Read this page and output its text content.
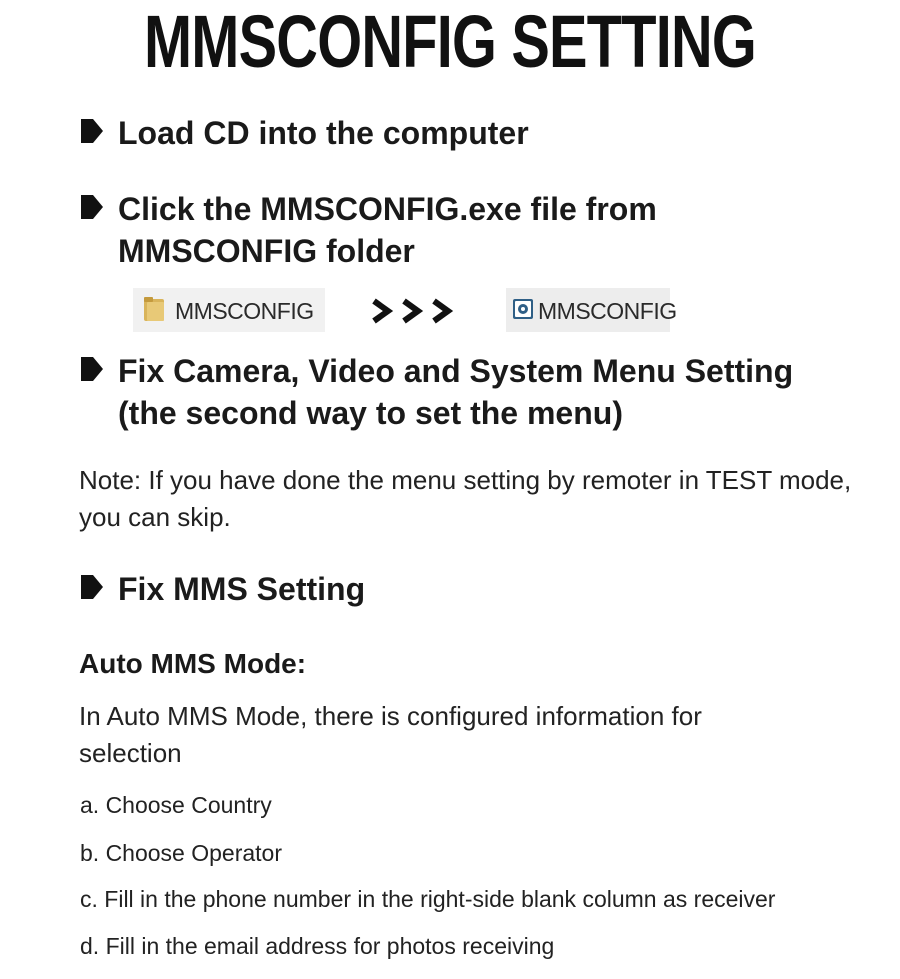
MMSCONFIG SETTING
Load CD into the computer
Click the MMSCONFIG.exe file from
MMSCONFIG folder
MMSCONFIG	MMSCONFIG
Fix Camera, Video and System Menu Setting
(the second way to set the menu)
Note: If you have done the menu setting by remoter in TEST mode, you can skip.
Fix MMS Setting
Auto MMS Mode:
In Auto MMS Mode, there is configured information for selection
a. Choose Country
b. Choose Operator
c. Fill in the phone number in the right-side blank column as receiver
d. Fill in the email address for photos receiving
